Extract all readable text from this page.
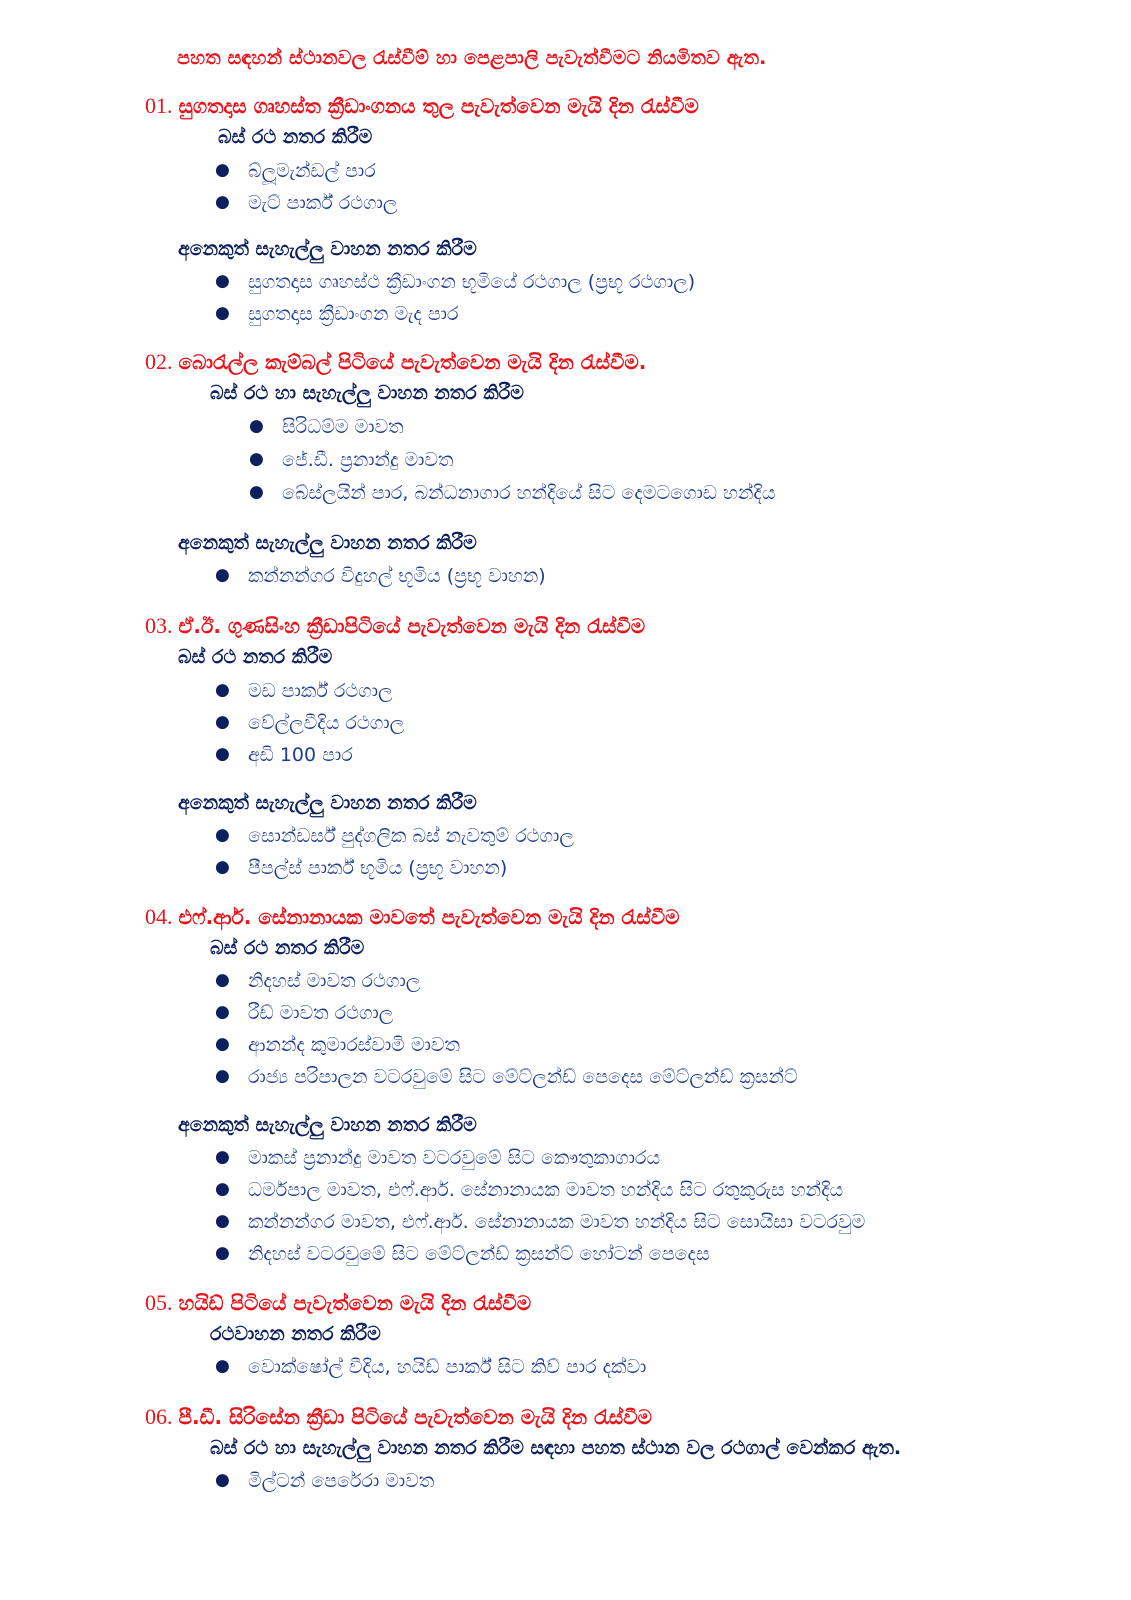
පහත සඳහන් ස්ථානවල රැස්වීම් හා පෙළපාලි පැවැත්වීමට නියමිතව ඇත.
01. සුගතදාස ගෘහස්ත ක්‍රීඩාංගනය තුල පැවැත්වෙන මැයි දින රැස්වීම
බස් රථ නතර කිරීම
● බ්ලූමැන්ඩල් පාර
● මැට් පාර්ක් රථගාල
අනෙකුත් සැහැල්ලු වාහන නතර කිරීම
● සුගතදාස ගෘහස්ථ ක්‍රීඩාංගන භූමියේ රථගාල (ප්‍රභූ රථගාල)
● සුගතදාස ක්‍රීඩාංගන මැද පාර
02. බොරැල්ල කැම්බල් පිටියේ පැවැත්වෙන මැයි දින රැස්වීම.
බස් රථ හා සැහැල්ලු වාහන නතර කිරීම
● සිරිධම්ම මාවත
● ජේ.ඩී. ප්‍රනාන්දු මාවත
● බේස්ලයින් පාර, බන්ධනාගාර හන්දියේ සිට දෙමටගොඩ හන්දිය
අනෙකුත් සැහැල්ලු වාහන නතර කිරීම
● කන්නන්ගර විදුහල් භූමිය (ප්‍රභූ වාහන)
03. ඒ.ඊ. ගුණසිංහ ක්‍රීඩාපිටියේ පැවැත්වෙන මැයි දින රැස්වීම
බස් රථ නතර කිරීම
● මඩ පාර්ක් රථගාල
● වේල්ලවීදිය රථගාල
● අඩි 100 පාර
අනෙකුත් සැහැල්ලු වාහන නතර කිරීම
● සොන්ඩර්ස් පුද්ගලික බස් නැවතුම් රථගාල
● පීපල්ස් පාර්ක් භූමිය (ප්‍රභූ වාහන)
04. එෆ්.ආර්. සේනානායක මාවතේ පැවැත්වෙන මැයි දින රැස්වීම
බස් රථ නතර කිරීම
● නිදහස් මාවත රථගාල
● රීඩ් මාවත රථගාල
● ආනන්ද කුමාරස්වාමි මාවත
● රාජ්‍ය පරිපාලන වටරවුමේ සිට මේට්ලන්ඩ් පෙදෙස මේට්ලන්ඩ් ක්‍රසන්ට්
අනෙකුත් සැහැල්ලු වාහන නතර කිරීම
● මාකස් ප්‍රනාන්දු මාවත වටරවුමේ සිට කෞතුකාගාරය
● ධර්මපාල මාවත, එෆ්.ආර්. සේනානායක මාවත හන්දිය සිට රතුකුරුස හන්දිය
● කන්නන්ගර මාවත, එෆ්.ආර්. සේනානායක මාවත හන්දිය සිට සොයිසා වටරවුම
● නිදහස් වටරවුමේ සිට මේට්ලන්ඩ් ක්‍රසන්ට් හෝටන් පෙදෙස
05. හයිඩ් පිටියේ පැවැත්වෙන මැයි දින රැස්වීම
රථවාහන නතර කිරීම
● වොක්ෂෝල් වීදිය, හයිඩ් පාර්ක් සිට කිව් පාර දක්වා
06. පී.ඩී. සිරිසේන ක්‍රීඩා පිටියේ පැවැත්වෙන මැයි දින රැස්වීම
බස් රථ හා සැහැල්ලු වාහන නතර කිරීම සඳහා පහත ස්ථාන වල රථගාල් වෙන්කර ඇත.
● මිල්ටන් පෙරේරා මාවත
